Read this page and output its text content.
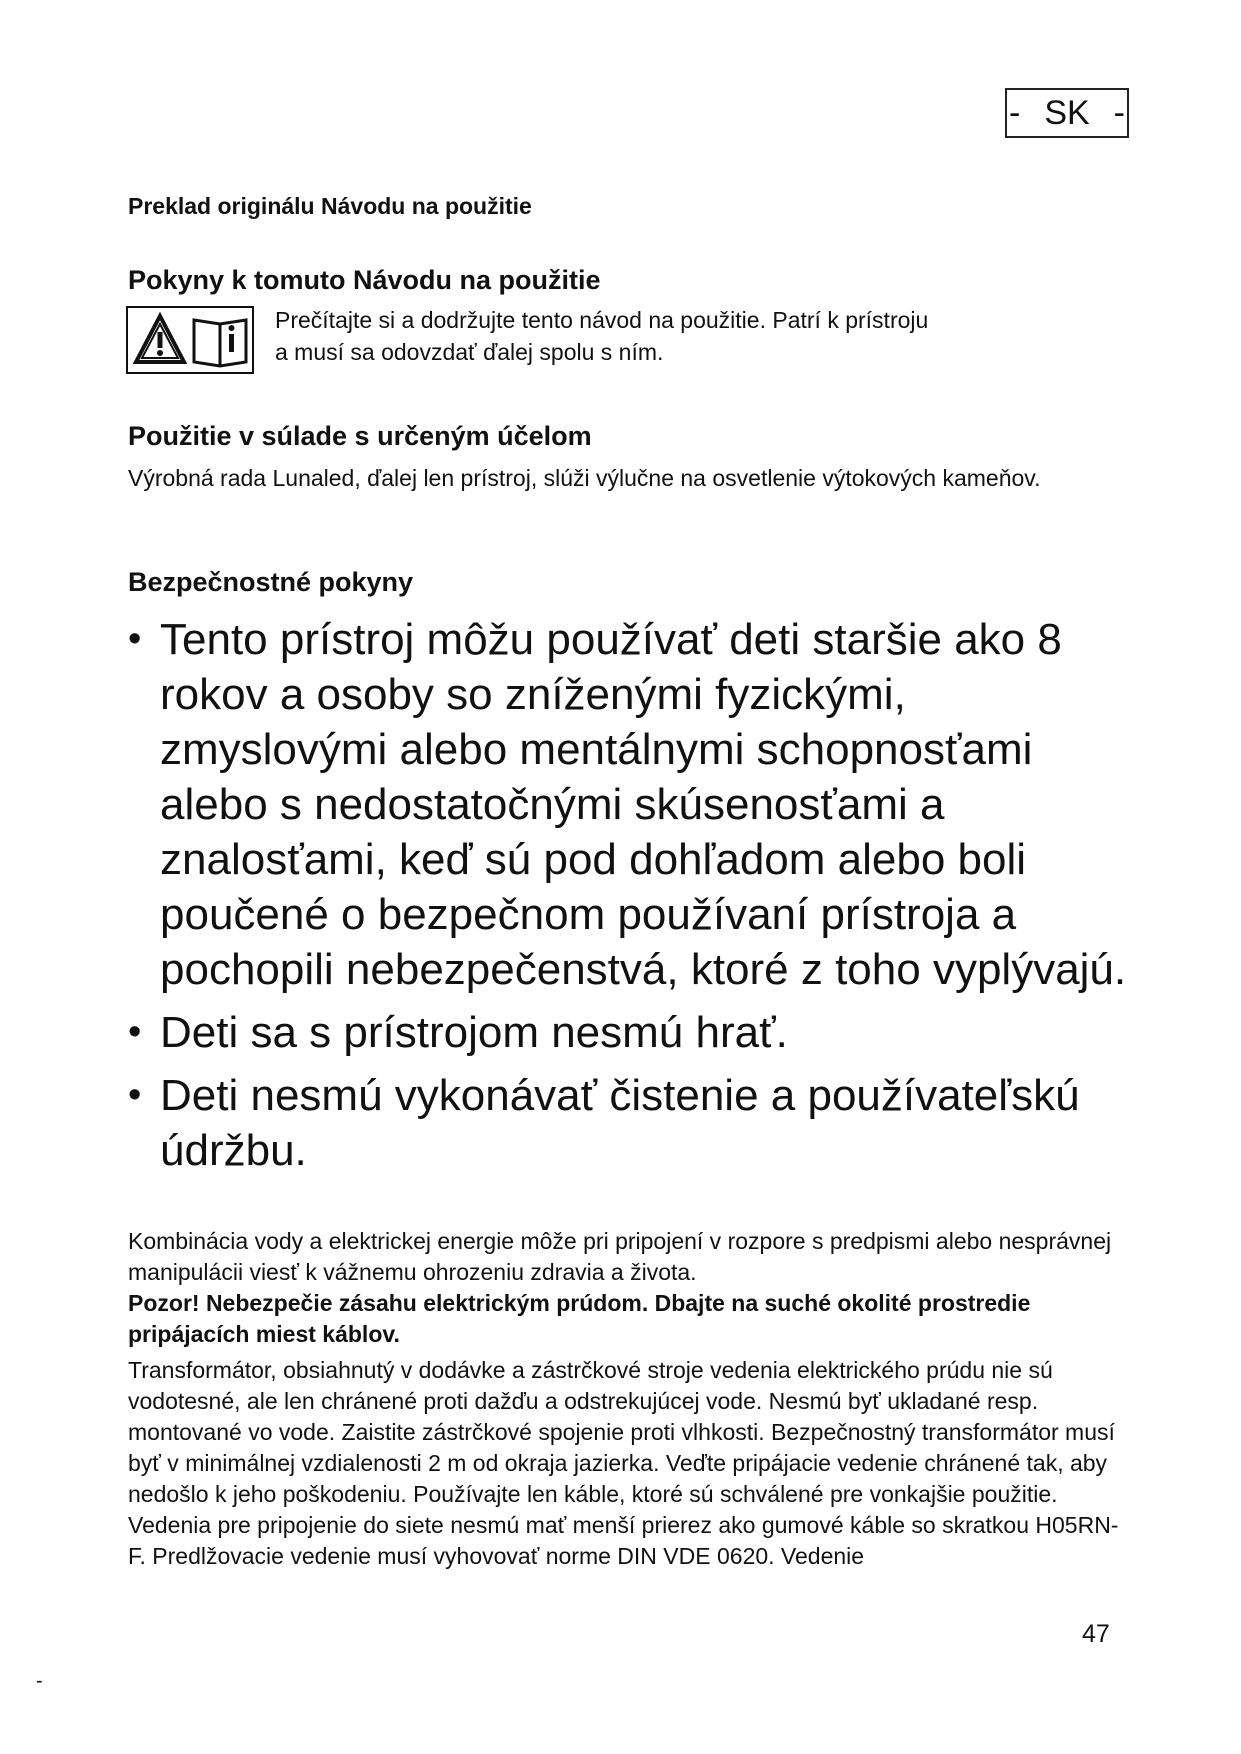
- SK -

Preklad originálu Návodu na použitie

Pokyny k tomuto Návodu na použitie
Prečítajte si a dodržujte tento návod na použitie. Patrí k prístroju
a musí sa odovzdať ďalej spolu s ním.
Použitie v súlade s určeným účelom

Výrobná rada Lunaled, ďalej len prístroj, slúži výlučne na osvetlenie výtokových kameňov.

Bezpečnostné pokyny
• Tento prístroj môžu používať deti staršie ako 8 rokov a osoby so zníženými fyzickými, zmyslovými alebo mentálnymi schopnosťami alebo s nedostatočnými skúsenosťami a znalosťami, keď sú pod dohľadom alebo boli poučené o bezpečnom používaní prístroja a pochopili nebezpečenstvá, ktoré z toho vyplývajú.
• Deti sa s prístrojom nesmú hrať.
• Deti nesmú vykonávať čistenie a používateľskú údržbu.

Kombinácia vody a elektrickej energie môže pri pripojení v rozpore s predpismi alebo nesprávnej manipulácii viesť k vážnemu ohrozeniu zdravia a života.

Pozor! Nebezpečie zásahu elektrickým prúdom. Dbajte na suché okolité prostredie pripájacích miest káblov.

Transformátor, obsiahnutý v dodávke a zástrčkové stroje vedenia elektrického prúdu nie sú vodotesné, ale len chránené proti dažďu a odstrekujúcej vode. Nesmú byť ukladané resp. montované vo vode. Zaistite zástrčkové spojenie proti vlhkosti. Bezpečnostný transformátor musí byť v minimálnej vzdialenosti 2 m od okraja jazierka. Veďte pripájacie vedenie chránené tak, aby nedošlo k jeho poškodeniu. Používajte len káble, ktoré sú schválené pre vonkajšie použitie. Vedenia pre pripojenie do siete nesmú mať menší prierez ako gumové káble so skratkou H05RN-F. Predlžovacie vedenie musí vyhovovať norme DIN VDE 0620. Vedenie

47
-
